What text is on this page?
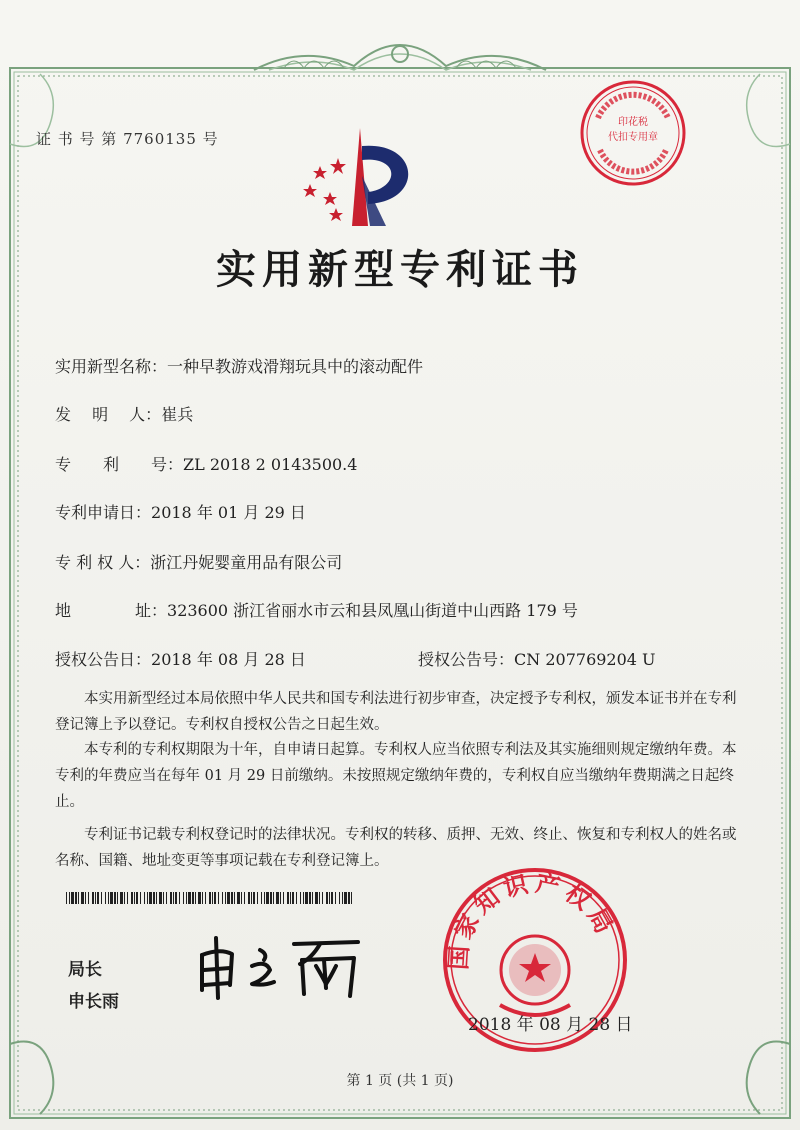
证 书 号 第 7760135 号
印花税
代扣专用章
实用新型专利证书
实用新型名称：一种早教游戏滑翔玩具中的滚动配件
发　 明　 人：崔兵
专　　利　　号：ZL 2018 2 0143500.4
专利申请日：2018 年 01 月 29 日
专 利 权 人：浙江丹妮婴童用品有限公司
地　　　　址：323600 浙江省丽水市云和县凤凰山街道中山西路 179 号
授权公告日：2018 年 08 月 28 日	授权公告号：CN 207769204 U

本实用新型经过本局依照中华人民共和国专利法进行初步审查，决定授予专利权，颁发本证书并在专利登记簿上予以登记。专利权自授权公告之日起生效。

本专利的专利权期限为十年，自申请日起算。专利权人应当依照专利法及其实施细则规定缴纳年费。本专利的年费应当在每年 01 月 29 日前缴纳。未按照规定缴纳年费的，专利权自应当缴纳年费期满之日起终止。

专利证书记载专利权登记时的法律状况。专利权的转移、质押、无效、终止、恢复和专利权人的姓名或名称、国籍、地址变更等事项记载在专利登记簿上。

局长
申长雨
国家知识产权局
2018 年 08 月 28 日
第 1 页 (共 1 页)
